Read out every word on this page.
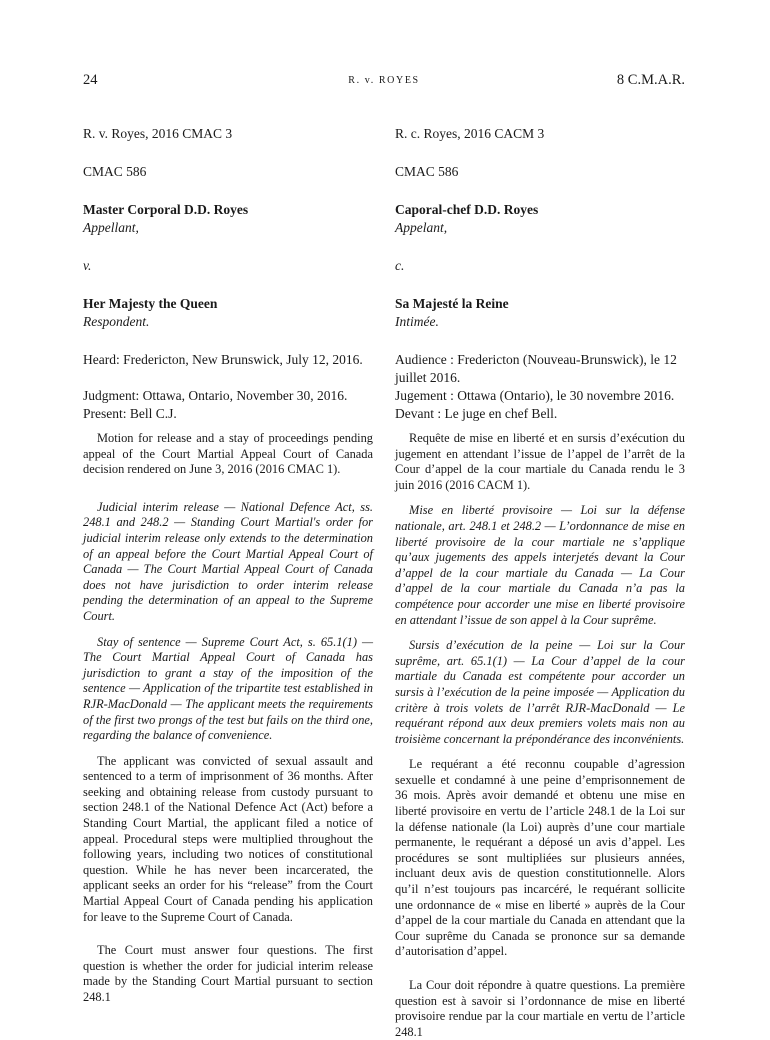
24	R. v. ROYES	8 C.M.A.R.

R. v. Royes, 2016 CMAC 3

CMAC 586

Master Corporal D.D. Royes

Appellant,

v.

Her Majesty the Queen

Respondent.

Heard: Fredericton, New Brunswick, July 12, 2016.

Judgment: Ottawa, Ontario, November 30, 2016.

Present: Bell C.J.

Motion for release and a stay of proceedings pending appeal of the Court Martial Appeal Court of Canada decision rendered on June 3, 2016 (2016 CMAC 1).

Judicial interim release — National Defence Act, ss. 248.1 and 248.2 — Standing Court Martial's order for judicial interim release only extends to the determination of an appeal before the Court Martial Appeal Court of Canada — The Court Martial Appeal Court of Canada does not have jurisdiction to order interim release pending the determination of an appeal to the Supreme Court.

Stay of sentence — Supreme Court Act, s. 65.1(1) — The Court Martial Appeal Court of Canada has jurisdiction to grant a stay of the imposition of the sentence — Application of the tripartite test established in RJR-MacDonald — The applicant meets the requirements of the first two prongs of the test but fails on the third one, regarding the balance of convenience.

The applicant was convicted of sexual assault and sentenced to a term of imprisonment of 36 months. After seeking and obtaining release from custody pursuant to section 248.1 of the National Defence Act (Act) before a Standing Court Martial, the applicant filed a notice of appeal. Procedural steps were multiplied throughout the following years, including two notices of constitutional question. While he has never been incarcerated, the applicant seeks an order for his “release” from the Court Martial Appeal Court of Canada pending his application for leave to the Supreme Court of Canada.

The Court must answer four questions. The first question is whether the order for judicial interim release made by the Standing Court Martial pursuant to section 248.1

R. c. Royes, 2016 CACM 3

CMAC 586

Caporal-chef D.D. Royes

Appelant,

c.

Sa Majesté la Reine

Intimée.

Audience : Fredericton (Nouveau-Brunswick), le 12 juillet 2016.

Jugement : Ottawa (Ontario), le 30 novembre 2016.

Devant : Le juge en chef Bell.

Requête de mise en liberté et en sursis d’exécution du jugement en attendant l’issue de l’appel de l’arrêt de la Cour d’appel de la cour martiale du Canada rendu le 3 juin 2016 (2016 CACM 1).

Mise en liberté provisoire — Loi sur la défense nationale, art. 248.1 et 248.2 — L’ordonnance de mise en liberté provisoire de la cour martiale ne s’applique qu’aux jugements des appels interjetés devant la Cour d’appel de la cour martiale du Canada — La Cour d’appel de la cour martiale du Canada n’a pas la compétence pour accorder une mise en liberté provisoire en attendant l’issue de son appel à la Cour suprême.

Sursis d’exécution de la peine — Loi sur la Cour suprême, art. 65.1(1) — La Cour d’appel de la cour martiale du Canada est compétente pour accorder un sursis à l’exécution de la peine imposée — Application du critère à trois volets de l’arrêt RJR-MacDonald — Le requérant répond aux deux premiers volets mais non au troisième concernant la prépondérance des inconvénients.

Le requérant a été reconnu coupable d’agression sexuelle et condamné à une peine d’emprisonnement de 36 mois. Après avoir demandé et obtenu une mise en liberté provisoire en vertu de l’article 248.1 de la Loi sur la défense nationale (la Loi) auprès d’une cour martiale permanente, le requérant a déposé un avis d’appel. Les procédures se sont multipliées sur plusieurs années, incluant deux avis de question constitutionnelle. Alors qu’il n’est toujours pas incarcéré, le requérant sollicite une ordonnance de « mise en liberté » auprès de la Cour d’appel de la cour martiale du Canada en attendant que la Cour suprême du Canada se prononce sur sa demande d’autorisation d’appel.

La Cour doit répondre à quatre questions. La première question est à savoir si l’ordonnance de mise en liberté provisoire rendue par la cour martiale en vertu de l’article 248.1
